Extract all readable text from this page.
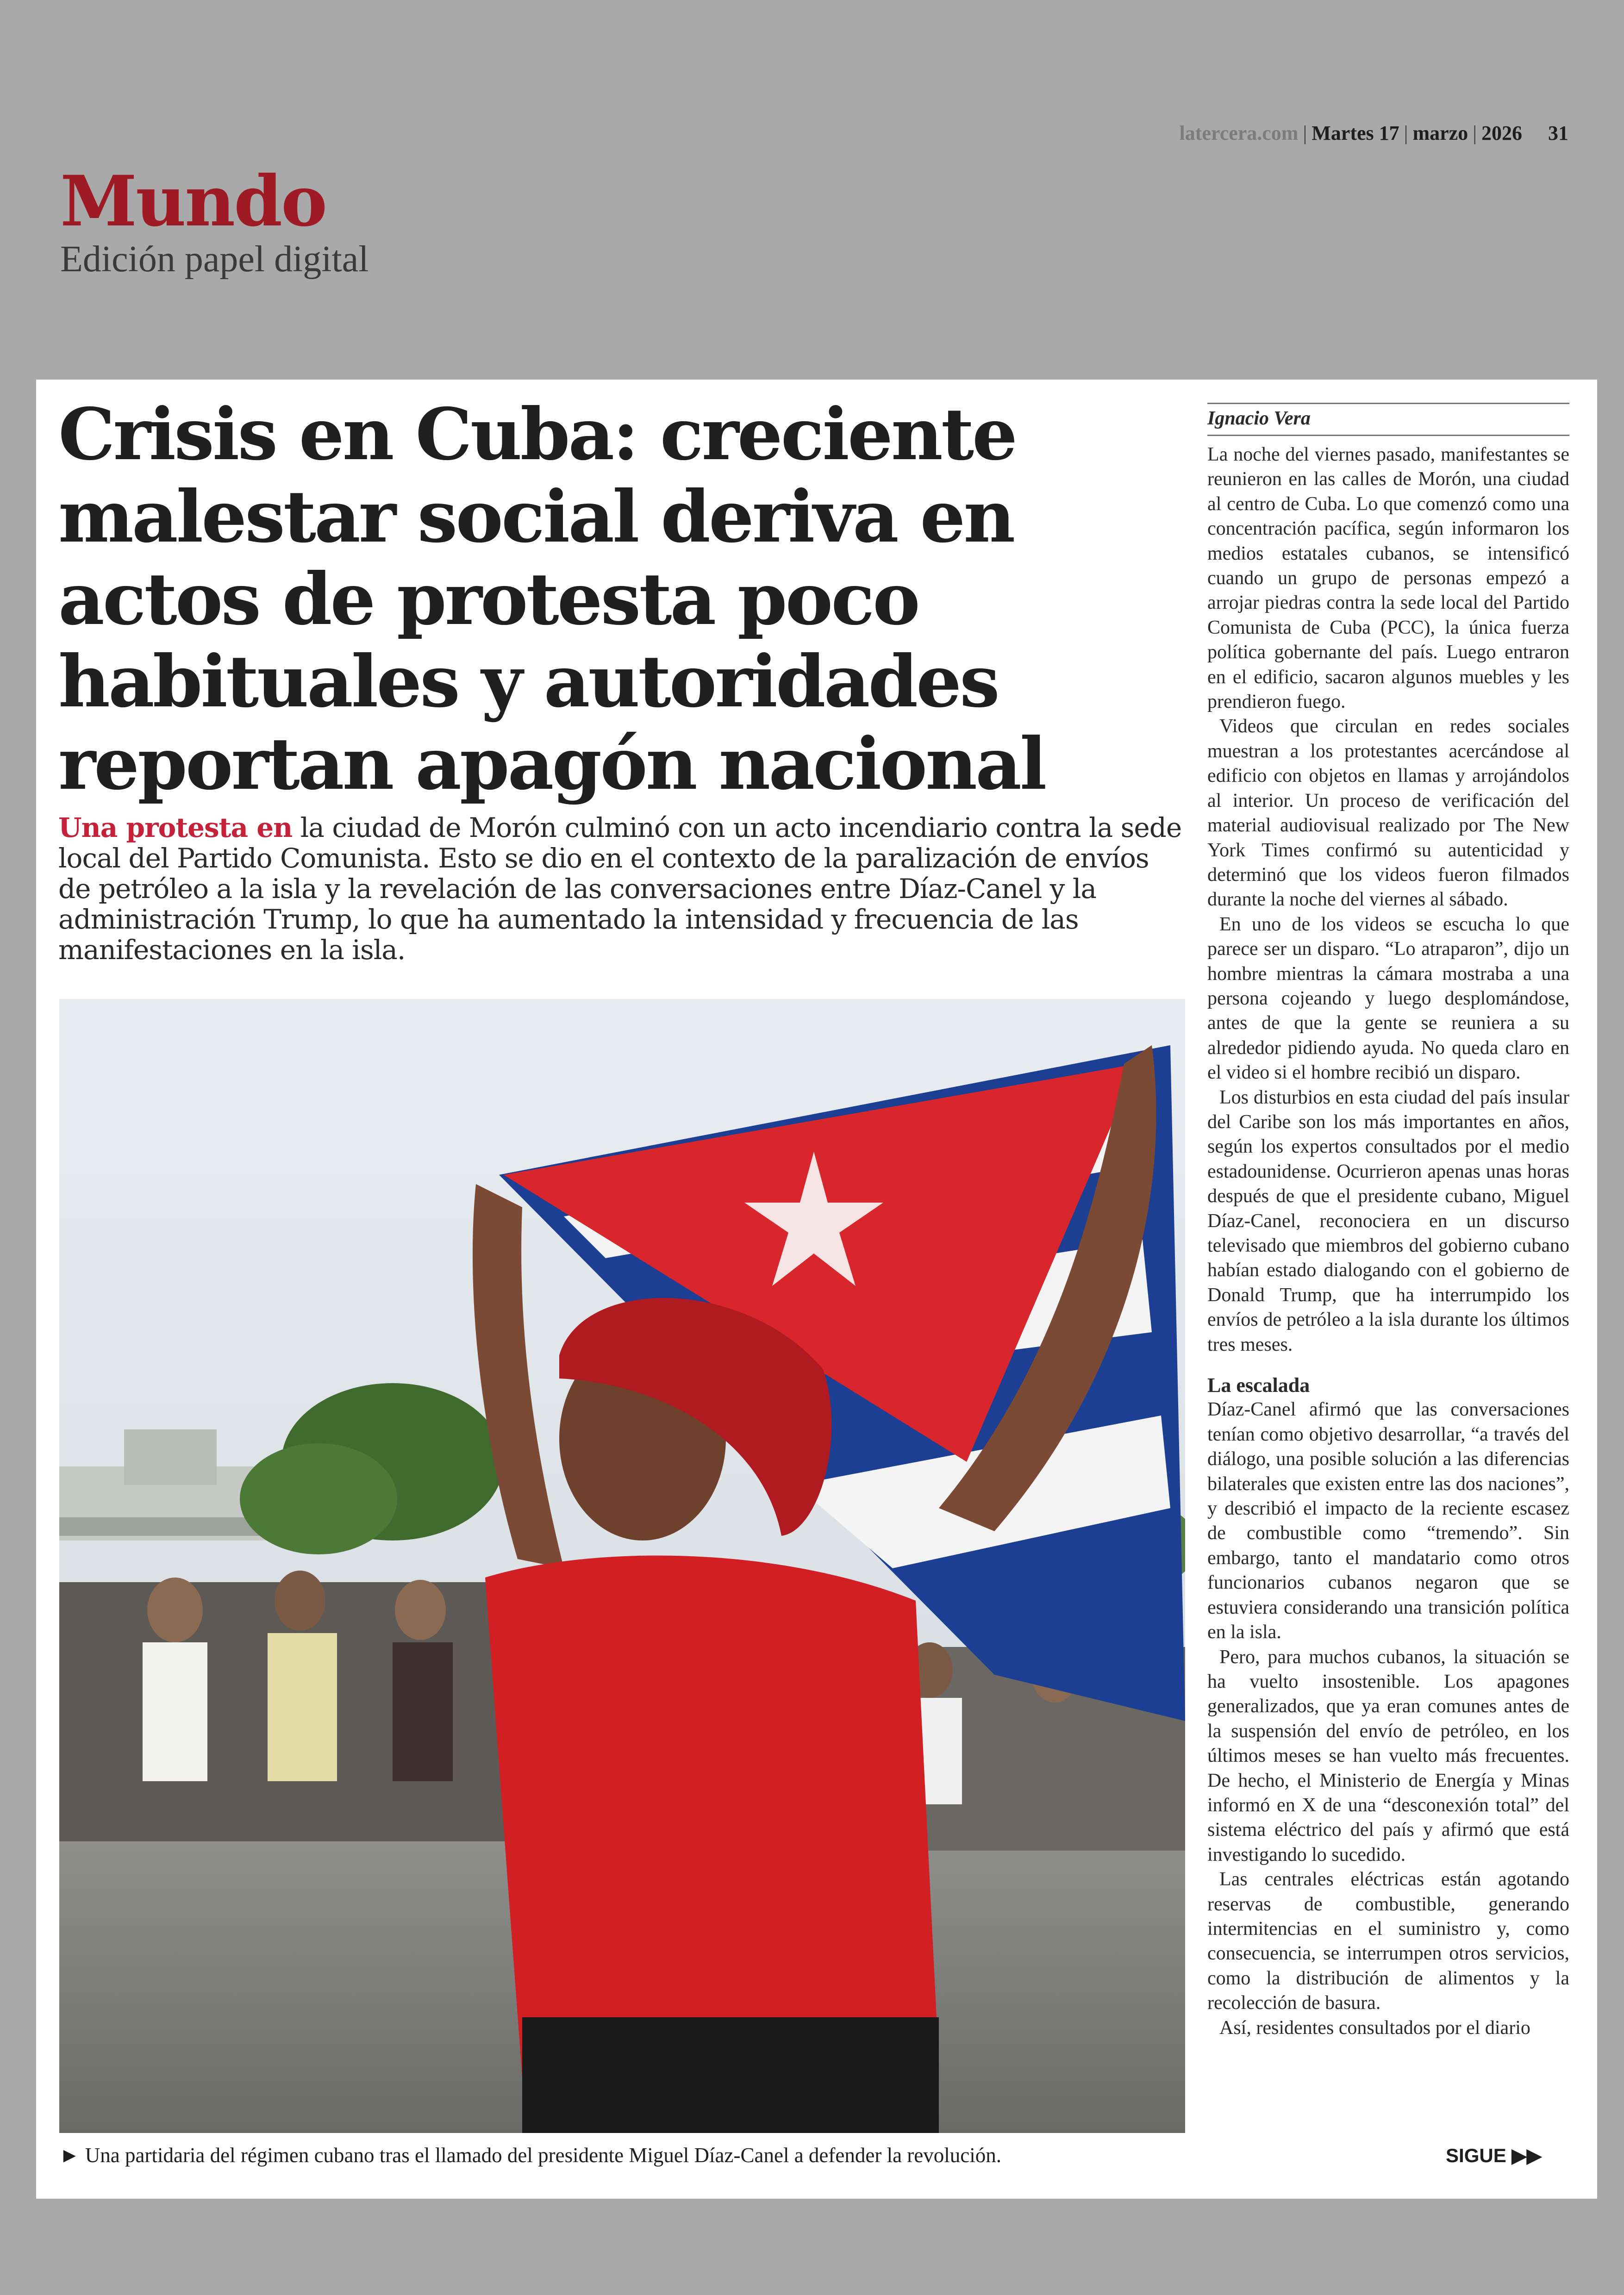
latercera.com | Martes 17 | marzo | 2026 31
Mundo
Edición papel digital
Crisis en Cuba: creciente malestar social deriva en actos de protesta poco habituales y autoridades reportan apagón nacional

Una protesta en la ciudad de Morón culminó con un acto incendiario contra la sede local del Partido Comunista. Esto se dio en el contexto de la paralización de envíos de petróleo a la isla y la revelación de las conversaciones entre Díaz-Canel y la administración Trump, lo que ha aumentado la intensidad y frecuencia de las manifestaciones en la isla.

► Una partidaria del régimen cubano tras el llamado del presidente Miguel Díaz-Canel a defender la revolución.
Ignacio Vera

La noche del viernes pasado, manifestantes se reunieron en las calles de Morón, una ciudad al centro de Cuba. Lo que comenzó como una concentración pacífica, según informaron los medios estatales cubanos, se intensificó cuando un grupo de personas empezó a arrojar piedras contra la sede local del Partido Comunista de Cuba (PCC), la única fuerza política gobernante del país. Luego entraron en el edificio, sacaron algunos muebles y les prendieron fuego.

Videos que circulan en redes sociales muestran a los protestantes acercándose al edificio con objetos en llamas y arrojándolos al interior. Un proceso de verificación del material audiovisual realizado por The New York Times confirmó su autenticidad y determinó que los videos fueron filmados durante la noche del viernes al sábado.

En uno de los videos se escucha lo que parece ser un disparo. “Lo atraparon”, dijo un hombre mientras la cámara mostraba a una persona cojeando y luego desplomándose, antes de que la gente se reuniera a su alrededor pidiendo ayuda. No queda claro en el video si el hombre recibió un disparo.

Los disturbios en esta ciudad del país insular del Caribe son los más importantes en años, según los expertos consultados por el medio estadounidense. Ocurrieron apenas unas horas después de que el presidente cubano, Miguel Díaz-Canel, reconociera en un discurso televisado que miembros del gobierno cubano habían estado dialogando con el gobierno de Donald Trump, que ha interrumpido los envíos de petróleo a la isla durante los últimos tres meses.

La escalada

Díaz-Canel afirmó que las conversaciones tenían como objetivo desarrollar, “a través del diálogo, una posible solución a las diferencias bilaterales que existen entre las dos naciones”, y describió el impacto de la reciente escasez de combustible como “tremendo”. Sin embargo, tanto el mandatario como otros funcionarios cubanos negaron que se estuviera considerando una transición política en la isla.

Pero, para muchos cubanos, la situación se ha vuelto insostenible. Los apagones generalizados, que ya eran comunes antes de la suspensión del envío de petróleo, en los últimos meses se han vuelto más frecuentes. De hecho, el Ministerio de Energía y Minas informó en X de una “desconexión total” del sistema eléctrico del país y afirmó que está investigando lo sucedido.

Las centrales eléctricas están agotando reservas de combustible, generando intermitencias en el suministro y, como consecuencia, se interrumpen otros servicios, como la distribución de alimentos y la recolección de basura.

Así, residentes consultados por el diario

SIGUE ▶▶
